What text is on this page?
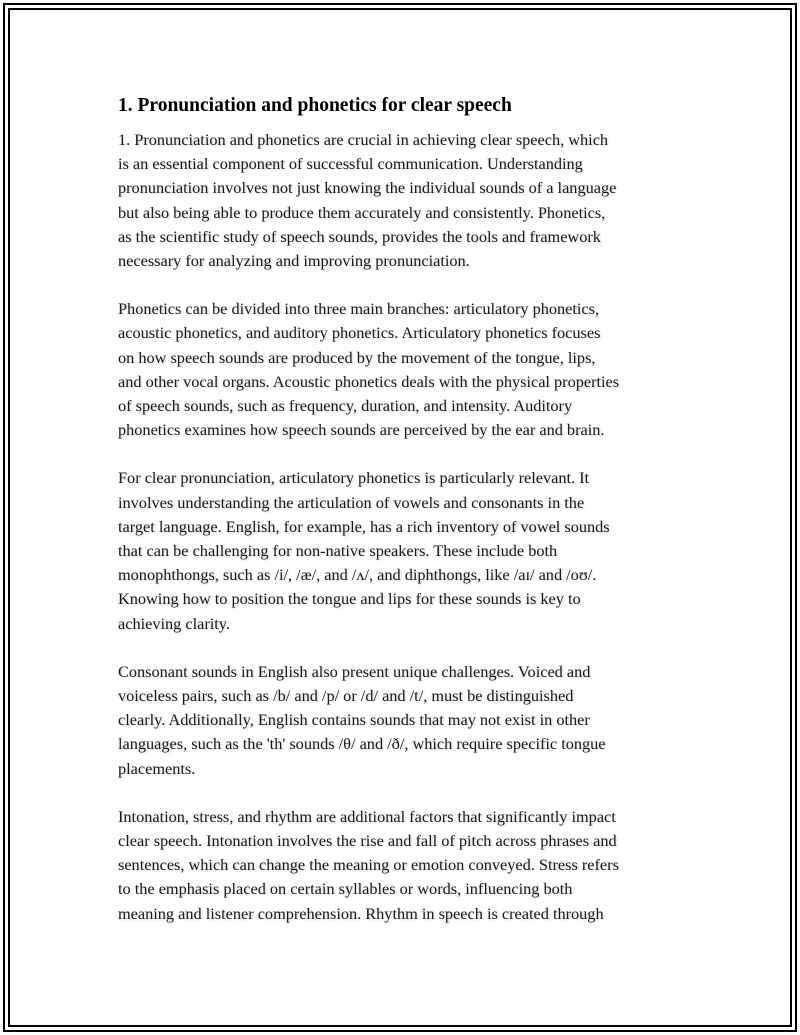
1. Pronunciation and phonetics for clear speech

1. Pronunciation and phonetics are crucial in achieving clear speech, which
is an essential component of successful communication. Understanding
pronunciation involves not just knowing the individual sounds of a language
but also being able to produce them accurately and consistently. Phonetics,
as the scientific study of speech sounds, provides the tools and framework
necessary for analyzing and improving pronunciation.

Phonetics can be divided into three main branches: articulatory phonetics,
acoustic phonetics, and auditory phonetics. Articulatory phonetics focuses
on how speech sounds are produced by the movement of the tongue, lips,
and other vocal organs. Acoustic phonetics deals with the physical properties
of speech sounds, such as frequency, duration, and intensity. Auditory
phonetics examines how speech sounds are perceived by the ear and brain.

For clear pronunciation, articulatory phonetics is particularly relevant. It
involves understanding the articulation of vowels and consonants in the
target language. English, for example, has a rich inventory of vowel sounds
that can be challenging for non-native speakers. These include both
monophthongs, such as /i/, /æ/, and /ʌ/, and diphthongs, like /aɪ/ and /oʊ/.
Knowing how to position the tongue and lips for these sounds is key to
achieving clarity.

Consonant sounds in English also present unique challenges. Voiced and
voiceless pairs, such as /b/ and /p/ or /d/ and /t/, must be distinguished
clearly. Additionally, English contains sounds that may not exist in other
languages, such as the 'th' sounds /θ/ and /ð/, which require specific tongue
placements.

Intonation, stress, and rhythm are additional factors that significantly impact
clear speech. Intonation involves the rise and fall of pitch across phrases and
sentences, which can change the meaning or emotion conveyed. Stress refers
to the emphasis placed on certain syllables or words, influencing both
meaning and listener comprehension. Rhythm in speech is created through
